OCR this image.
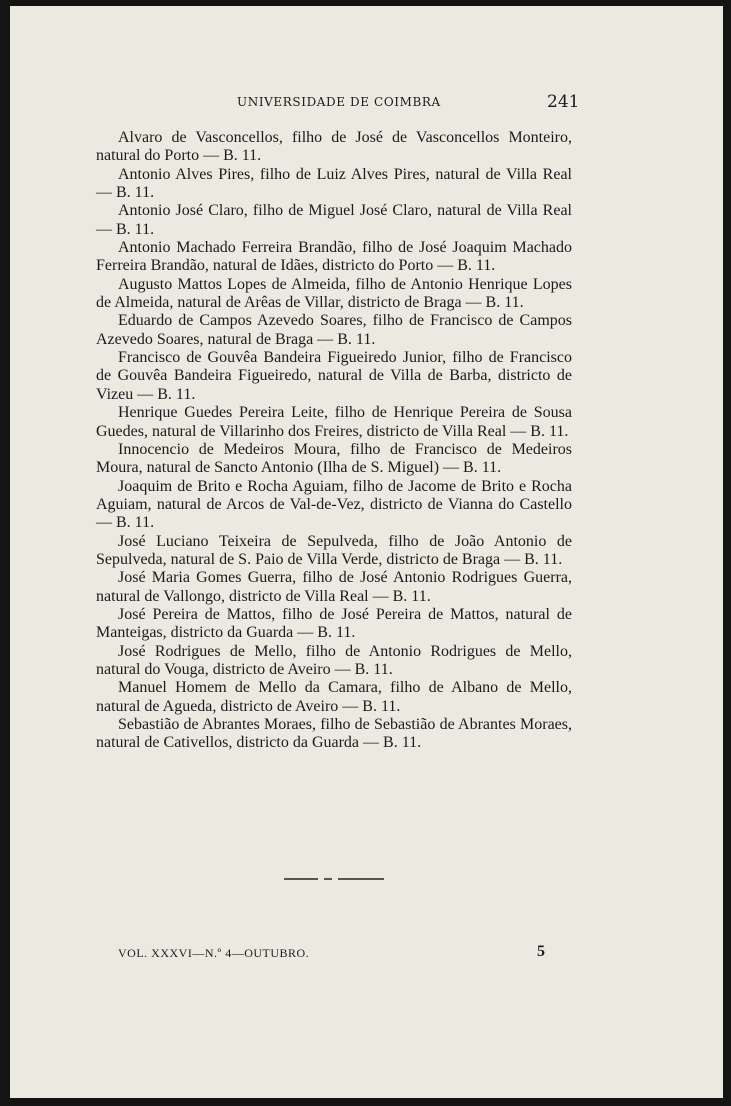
UNIVERSIDADE DE COIMBRA	241

Alvaro de Vasconcellos, filho de José de Vasconcellos Monteiro, natural do Porto — B. 11.

Antonio Alves Pires, filho de Luiz Alves Pires, natural de Villa Real — B. 11.

Antonio José Claro, filho de Miguel José Claro, natural de Villa Real — B. 11.

Antonio Machado Ferreira Brandão, filho de José Joaquim Machado Ferreira Brandão, natural de Idães, districto do Porto — B. 11.

Augusto Mattos Lopes de Almeida, filho de Antonio Henrique Lopes de Almeida, natural de Arêas de Villar, districto de Braga — B. 11.

Eduardo de Campos Azevedo Soares, filho de Francisco de Campos Azevedo Soares, natural de Braga — B. 11.

Francisco de Gouvêa Bandeira Figueiredo Junior, filho de Francisco de Gouvêa Bandeira Figueiredo, natural de Villa de Barba, districto de Vizeu — B. 11.

Henrique Guedes Pereira Leite, filho de Henrique Pereira de Sousa Guedes, natural de Villarinho dos Freires, districto de Villa Real — B. 11.

Innocencio de Medeiros Moura, filho de Francisco de Medeiros Moura, natural de Sancto Antonio (Ilha de S. Miguel) — B. 11.

Joaquim de Brito e Rocha Aguiam, filho de Jacome de Brito e Rocha Aguiam, natural de Arcos de Val-de-Vez, districto de Vianna do Castello — B. 11.

José Luciano Teixeira de Sepulveda, filho de João Antonio de Sepulveda, natural de S. Paio de Villa Verde, districto de Braga — B. 11.

José Maria Gomes Guerra, filho de José Antonio Rodrigues Guerra, natural de Vallongo, districto de Villa Real — B. 11.

José Pereira de Mattos, filho de José Pereira de Mattos, natural de Manteigas, districto da Guarda — B. 11.

José Rodrigues de Mello, filho de Antonio Rodrigues de Mello, natural do Vouga, districto de Aveiro — B. 11.

Manuel Homem de Mello da Camara, filho de Albano de Mello, natural de Agueda, districto de Aveiro — B. 11.

Sebastião de Abrantes Moraes, filho de Sebastião de Abrantes Moraes, natural de Cativellos, districto da Guarda — B. 11.

VOL. XXXVI—N.º 4—OUTUBRO.	5
